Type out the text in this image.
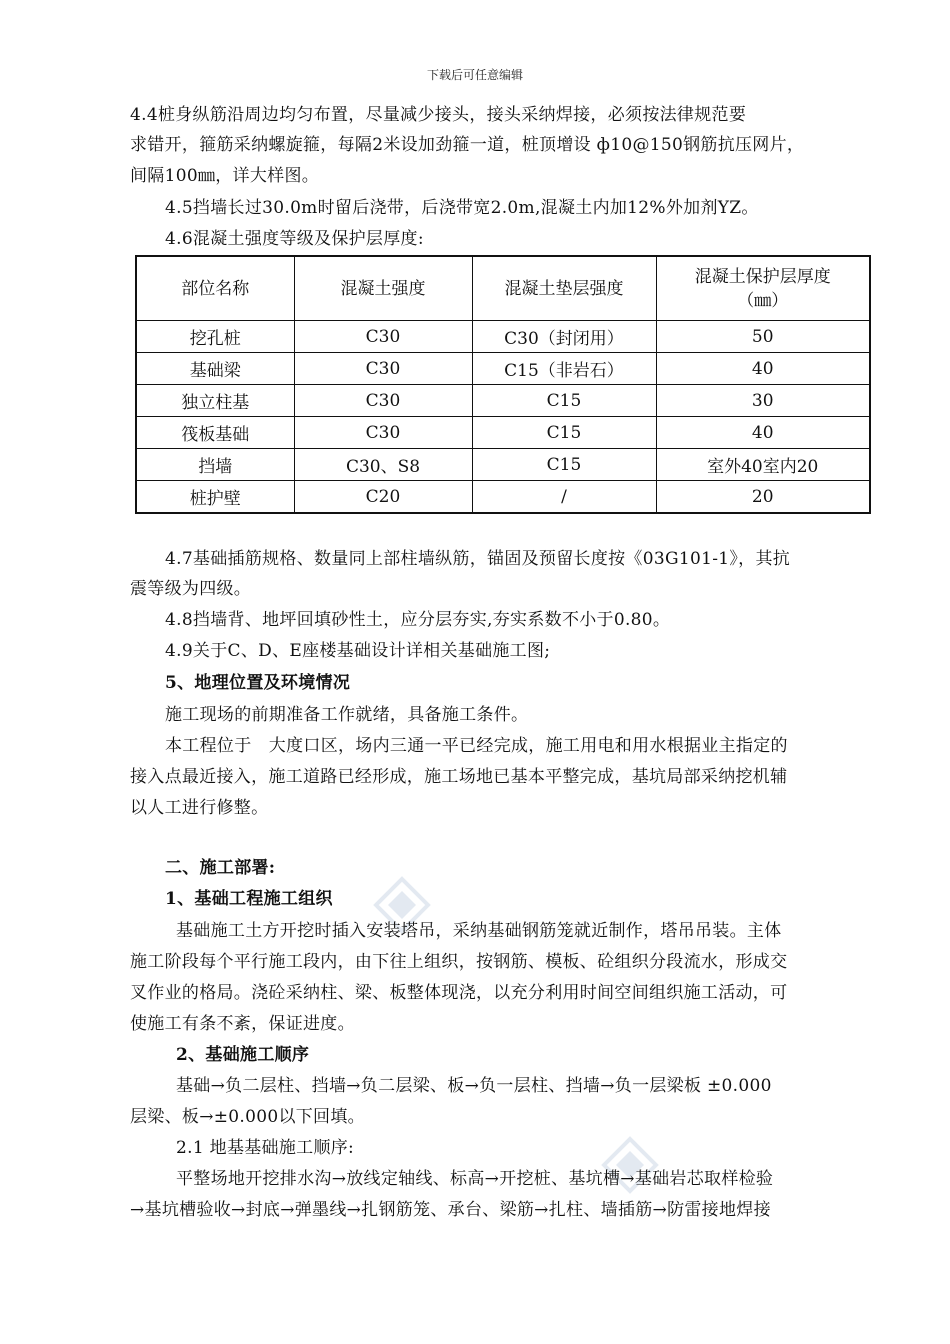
下载后可任意编辑
4.4桩身纵筋沿周边均匀布置，尽量减少接头，接头采纳焊接，必须按法律规范要
求错开，箍筋采纳螺旋箍，每隔2米设加劲箍一道，桩顶增设 ф10@150钢筋抗压网片，
间隔100㎜，详大样图。
4.5挡墙长过30.0m时留后浇带，后浇带宽2.0m,混凝土内加12%外加剂YZ。
4.6混凝土强度等级及保护层厚度:
部位名称	混凝土强度	混凝土垫层强度	混凝土保护层厚度
（㎜）

挖孔桩	C30	C30（封闭用）	50
基础梁	C30	C15（非岩石）	40
独立柱基	C30	C15	30
筏板基础	C30	C15	40
挡墙	C30、S8	C15	室外40室内20
桩护壁	C20	/	20
4.7基础插筋规格、数量同上部柱墙纵筋，锚固及预留长度按《03G101-1》，其抗
震等级为四级。
4.8挡墙背、地坪回填砂性土，应分层夯实,夯实系数不小于0.80。
4.9关于C、D、E座楼基础设计详相关基础施工图;
5、地理位置及环境情况
施工现场的前期准备工作就绪，具备施工条件。
本工程位于　大度口区，场内三通一平已经完成，施工用电和用水根据业主指定的
接入点最近接入，施工道路已经形成，施工场地已基本平整完成，基坑局部采纳挖机辅
以人工进行修整。
二、施工部署:
1、基础工程施工组织
基础施工土方开挖时插入安装塔吊，采纳基础钢筋笼就近制作，塔吊吊装。主体
施工阶段每个平行施工段内，由下往上组织，按钢筋、模板、砼组织分段流水，形成交
叉作业的格局。浇砼采纳柱、梁、板整体现浇，以充分利用时间空间组织施工活动，可
使施工有条不紊，保证进度。
2、基础施工顺序
基础→负二层柱、挡墙→负二层梁、板→负一层柱、挡墙→负一层梁板 ±0.000
层梁、板→±0.000以下回填。
2.1 地基基础施工顺序:
平整场地开挖排水沟→放线定轴线、标高→开挖桩、基坑槽→基础岩芯取样检验
→基坑槽验收→封底→弹墨线→扎钢筋笼、承台、梁筋→扎柱、墙插筋→防雷接地焊接
